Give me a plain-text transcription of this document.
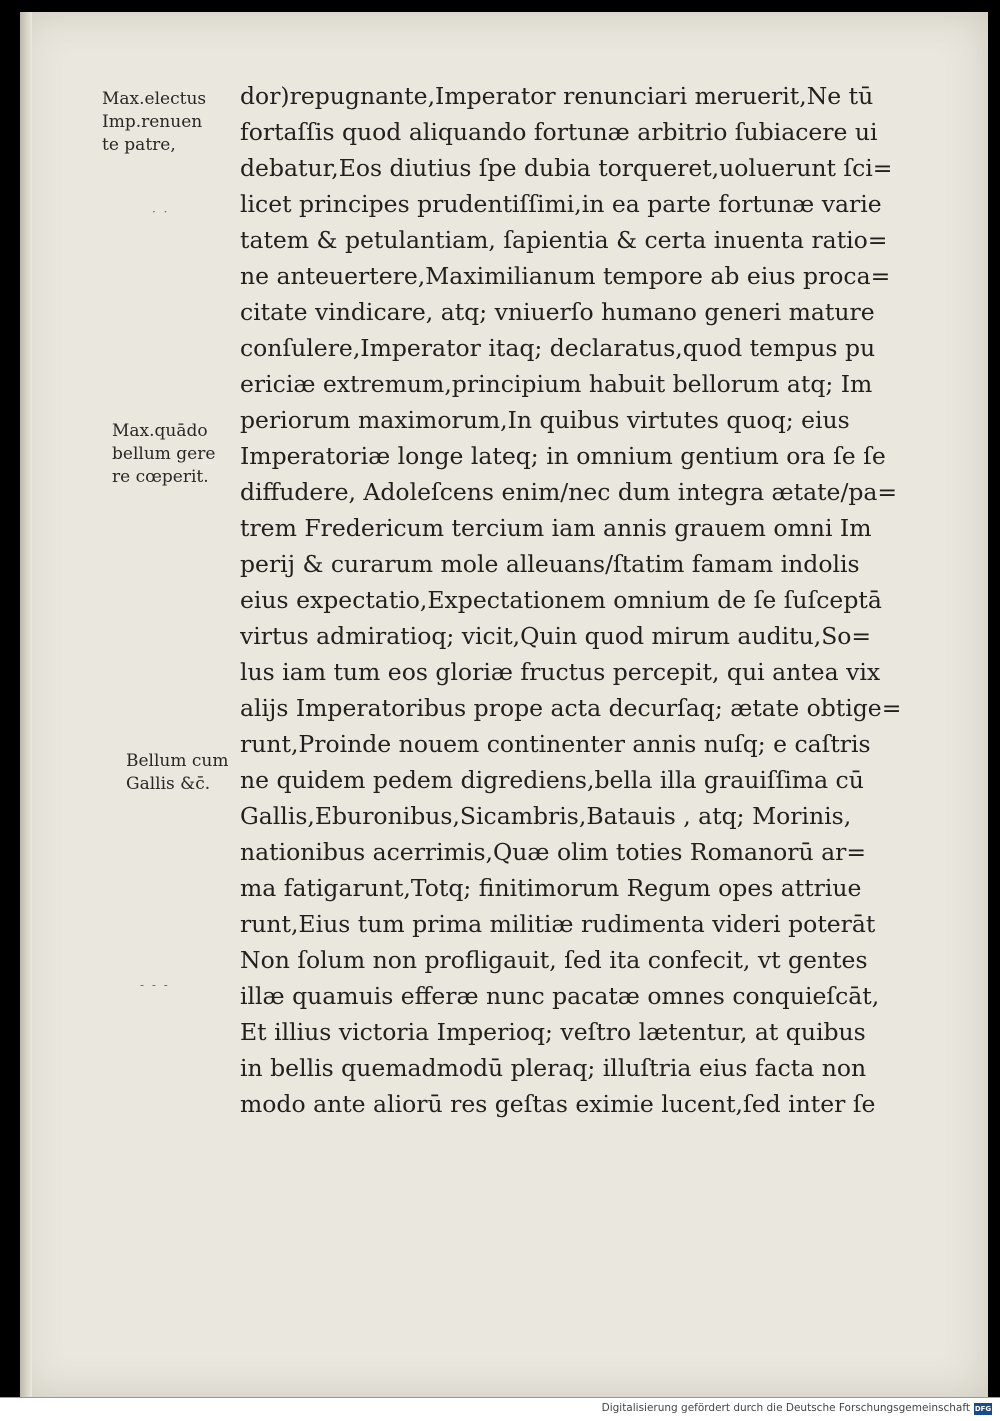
Max.electus
Imp.renuen
te patre,
Max.quādo
bellum gere
re cœperit.
Bellum cum
Gallis &c̄.
· ·
‐ ‐ ‐
dor)repugnante,Imperator renunciari meruerit,Ne tū
fortaſſis quod aliquando fortunæ arbitrio ſubiacere ui
debatur,Eos diutius ſpe dubia torqueret,uoluerunt ſci=
licet principes prudentiſſimi,in ea parte fortunæ varie
tatem & petulantiam, ſapientia & certa inuenta ratio=
ne anteuertere,Maximilianum tempore ab eius proca=
citate vindicare, atq; vniuerſo humano generi mature
conſulere,Imperator itaq; declaratus,quod tempus pu
ericiæ extremum,principium habuit bellorum atq; Im
periorum maximorum,In quibus virtutes quoq; eius
Imperatoriæ longe lateq; in omnium gentium ora ſe ſe
diffudere, Adoleſcens enim/nec dum integra ætate/pa=
trem Fredericum tercium iam annis grauem omni Im
perij & curarum mole alleuans/ſtatim famam indolis
eius expectatio,Expectationem omnium de ſe ſuſceptā
virtus admiratioq; vicit,Quin quod mirum auditu,So=
lus iam tum eos gloriæ fructus percepit, qui antea vix
alijs Imperatoribus prope acta decurſaq; ætate obtige=
runt,Proinde nouem continenter annis nuſq; e caſtris
ne quidem pedem digrediens,bella illa grauiſſima cū
Gallis,Eburonibus,Sicambris,Batauis , atq; Morinis,
nationibus acerrimis,Quæ olim toties Romanorū ar=
ma fatigarunt,Totq; finitimorum Regum opes attriue
runt,Eius tum prima militiæ rudimenta videri poterāt
Non ſolum non profligauit, ſed ita confecit, vt gentes
illæ quamuis efferæ nunc pacatæ omnes conquieſcāt,
Et illius victoria Imperioq; veſtro lætentur, at quibus
in bellis quemadmodū pleraq; illuſtria eius facta non
modo ante aliorū res geſtas eximie lucent,ſed inter ſe
Digitalisierung gefördert durch die Deutsche Forschungsgemeinschaft DFG
